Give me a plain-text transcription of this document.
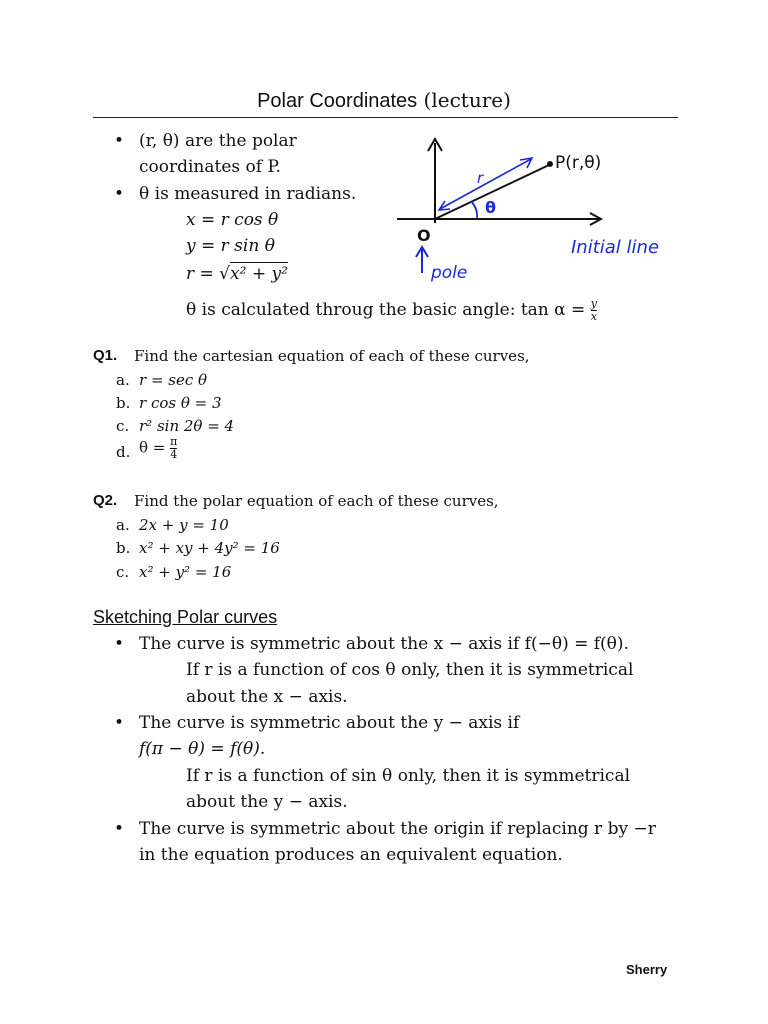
Polar Coordinates (lecture)
• (r, θ) are the polar
coordinates of P.
• θ is measured in radians.
x = r cos θ
y = r sin θ
r = √x² + y²
θ is calculated throug the basic angle: $\tan \alpha = \frac{y}{x}$
P(r,θ)
r
θ
O
pole
Initial line
Q1. Find the cartesian equation of each of these curves,
a. r = sec θ
b. r cos θ = 3
c. r² sin 2θ = 4
d. $\theta = \frac{\pi}{4}$
Q2. Find the polar equation of each of these curves,
a. 2x + y = 10
b. x² + xy + 4y² = 16
c. x² + y² = 16
Sketching Polar curves
• The curve is symmetric about the x − axis if f(−θ) = f(θ).
If r is a function of cos θ only, then it is symmetrical
about the x − axis.
• The curve is symmetric about the y − axis if
f(π − θ) = f(θ).
If r is a function of sin θ only, then it is symmetrical
about the y − axis.
• The curve is symmetric about the origin if replacing r by −r
in the equation produces an equivalent equation.
Sherry
